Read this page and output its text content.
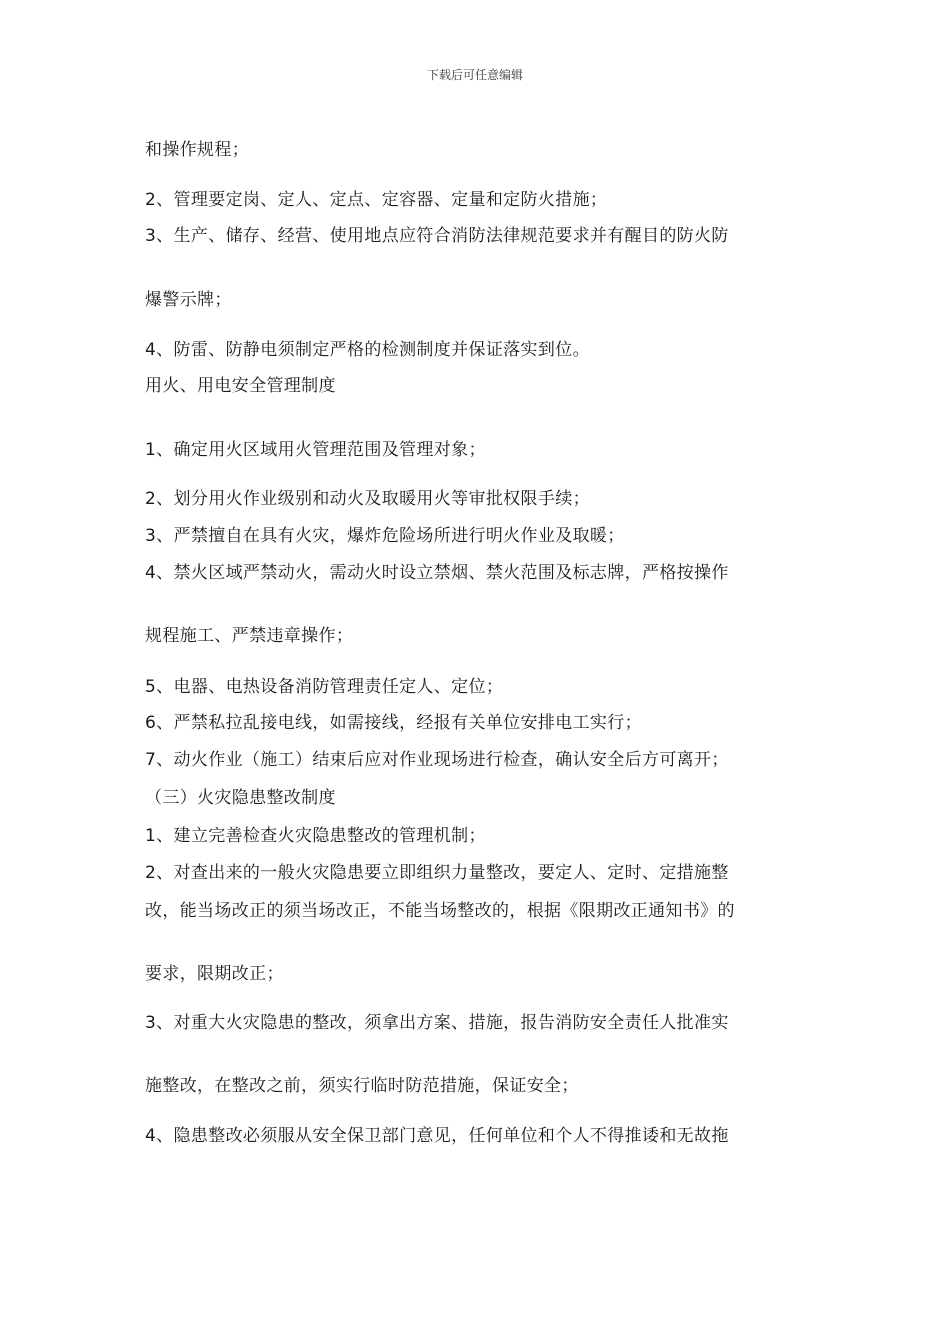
下载后可任意编辑
和操作规程；
2、管理要定岗、定人、定点、定容器、定量和定防火措施；
3、生产、储存、经营、使用地点应符合消防法律规范要求并有醒目的防火防
爆警示牌；
4、防雷、防静电须制定严格的检测制度并保证落实到位。
用火、用电安全管理制度
1、确定用火区域用火管理范围及管理对象；
2、划分用火作业级别和动火及取暖用火等审批权限手续；
3、严禁擅自在具有火灾，爆炸危险场所进行明火作业及取暖；
4、禁火区域严禁动火，需动火时设立禁烟、禁火范围及标志牌，严格按操作
规程施工、严禁违章操作；
5、电器、电热设备消防管理责任定人、定位；
6、严禁私拉乱接电线，如需接线，经报有关单位安排电工实行；
7、动火作业（施工）结束后应对作业现场进行检查，确认安全后方可离开；
（三）火灾隐患整改制度
1、建立完善检查火灾隐患整改的管理机制；
2、对查出来的一般火灾隐患要立即组织力量整改，要定人、定时、定措施整
改，能当场改正的须当场改正，不能当场整改的，根据《限期改正通知书》的
要求，限期改正；
3、对重大火灾隐患的整改，须拿出方案、措施，报告消防安全责任人批准实
施整改，在整改之前，须实行临时防范措施，保证安全；
4、隐患整改必须服从安全保卫部门意见，任何单位和个人不得推诿和无故拖
